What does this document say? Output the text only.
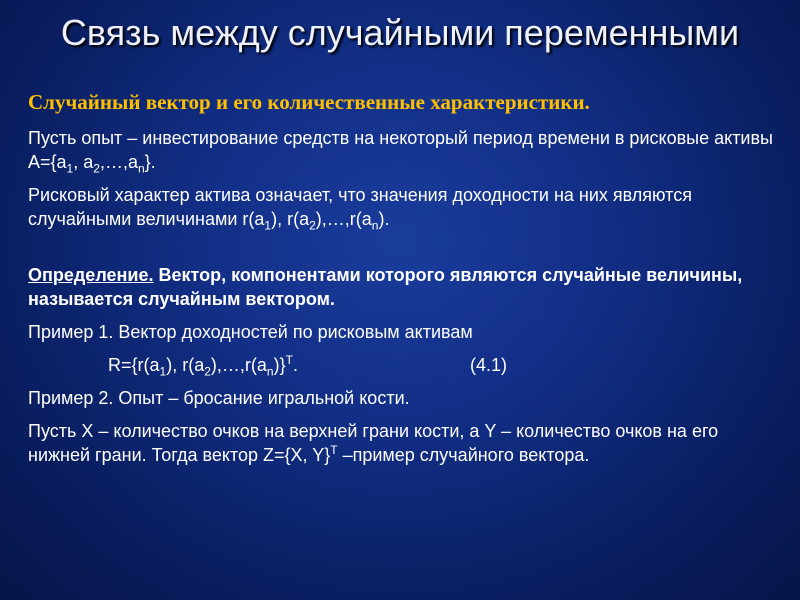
Связь между случайными переменными
Случайный вектор и его количественные характеристики.
Пусть опыт – инвестирование средств на некоторый период времени в рисковые активы $A=\{a_1$, $a_2,\dots,a_n$}.
Рисковый характер актива означает, что значения доходности на них являются случайными величинами $r(a_1)$, $r(a_2),\dots,r(a_n)$.
Определение. Вектор, компонентами которого являются случайные величины, называется случайным вектором.
Пример 1. Вектор доходностей по рисковым активам
$R=\{r(a_1)$, $r(a_2),\dots,r(a_n)\}^T$.	(4.1)
Пример 2. Опыт – бросание игральной кости.
Пусть X – количество очков на верхней грани кости, а Y – количество очков на его нижней грани. Тогда вектор Z={X, Y}$^T$ –пример случайного вектора.
